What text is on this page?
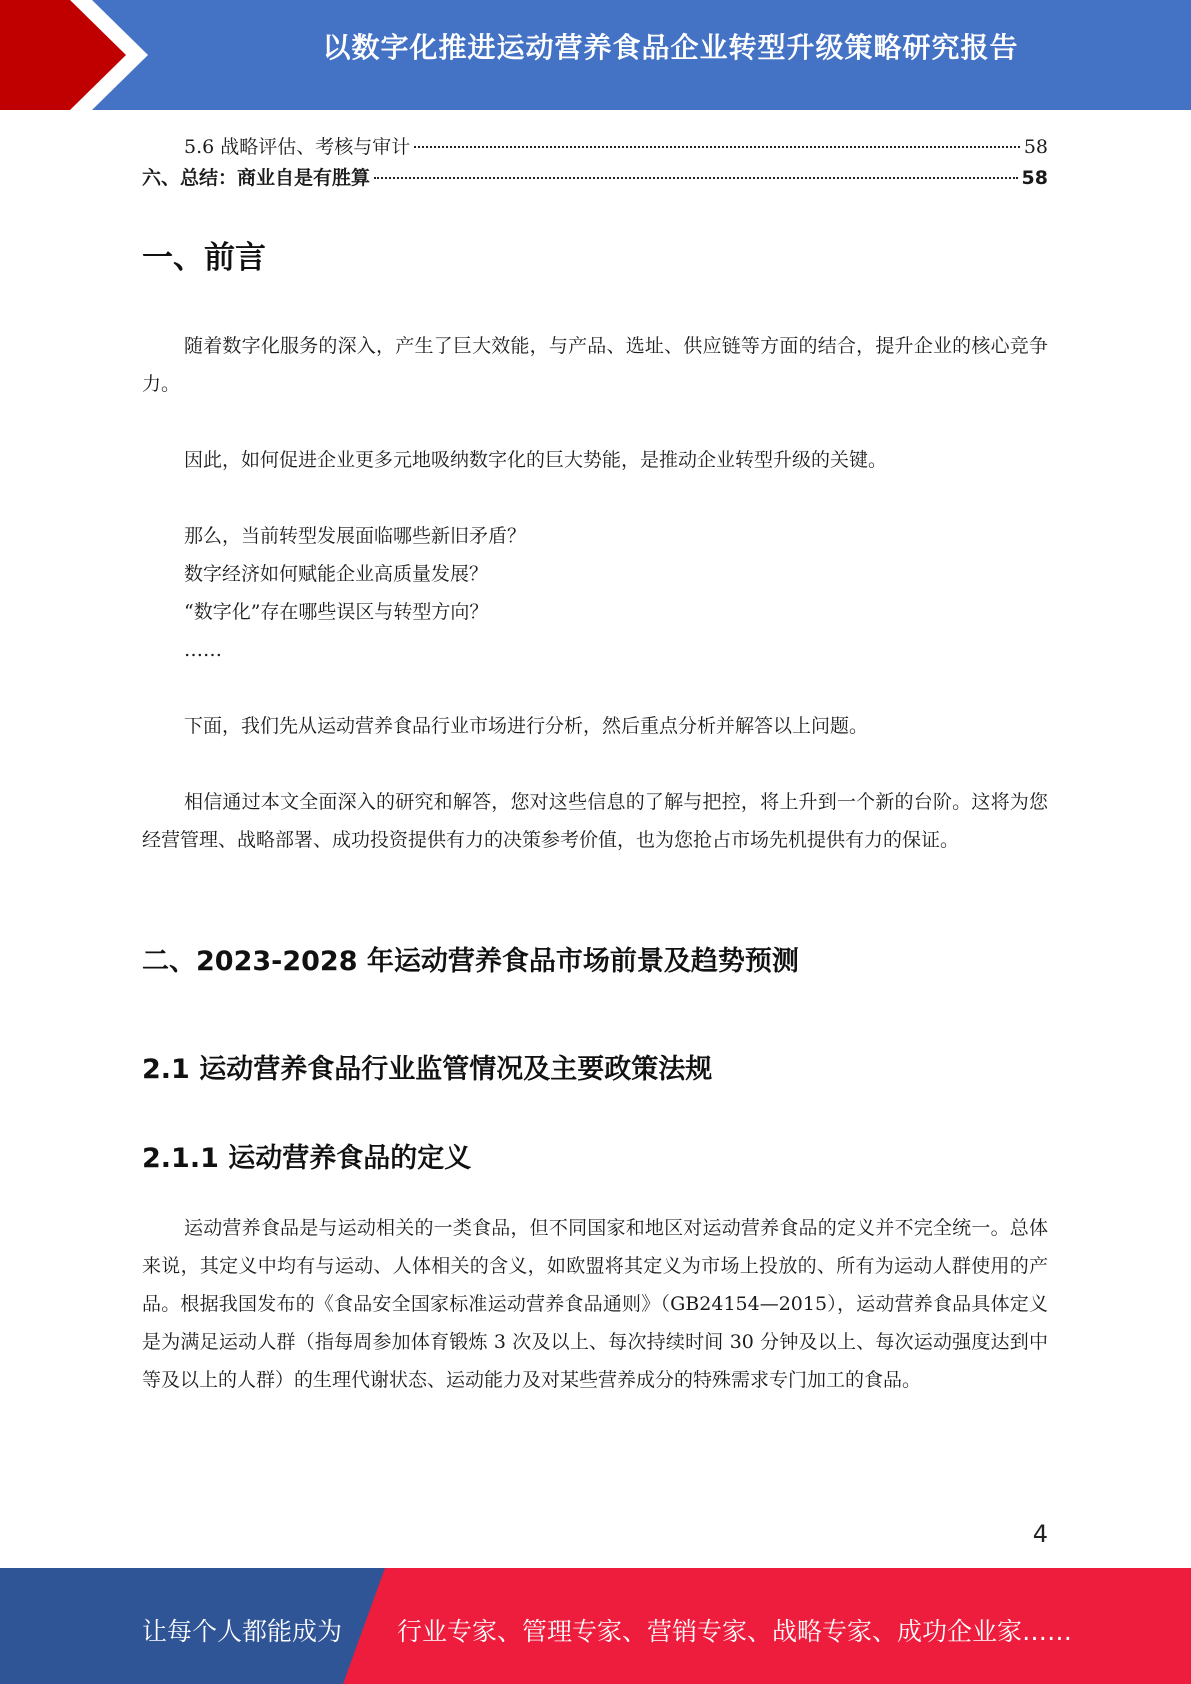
以数字化推进运动营养食品企业转型升级策略研究报告
5.6 战略评估、考核与审计	58
六、总结：商业自是有胜算	58
一、前言

随着数字化服务的深入，产生了巨大效能，与产品、选址、供应链等方面的结合，提升企业的核心竞争力。

因此，如何促进企业更多元地吸纳数字化的巨大势能，是推动企业转型升级的关键。

那么，当前转型发展面临哪些新旧矛盾？
数字经济如何赋能企业高质量发展？
“数字化”存在哪些误区与转型方向？
……

下面，我们先从运动营养食品行业市场进行分析，然后重点分析并解答以上问题。

相信通过本文全面深入的研究和解答，您对这些信息的了解与把控，将上升到一个新的台阶。这将为您经营管理、战略部署、成功投资提供有力的决策参考价值，也为您抢占市场先机提供有力的保证。

二、2023-2028 年运动营养食品市场前景及趋势预测
2.1 运动营养食品行业监管情况及主要政策法规
2.1.1 运动营养食品的定义

运动营养食品是与运动相关的一类食品，但不同国家和地区对运动营养食品的定义并不完全统一。总体来说，其定义中均有与运动、人体相关的含义，如欧盟将其定义为市场上投放的、所有为运动人群使用的产品。根据我国发布的《食品安全国家标准运动营养食品通则》（GB24154—2015），运动营养食品具体定义是为满足运动人群（指每周参加体育锻炼 3 次及以上、每次持续时间 30 分钟及以上、每次运动强度达到中等及以上的人群）的生理代谢状态、运动能力及对某些营养成分的特殊需求专门加工的食品。

4
让每个人都能成为 行业专家、管理专家、营销专家、战略专家、成功企业家……
